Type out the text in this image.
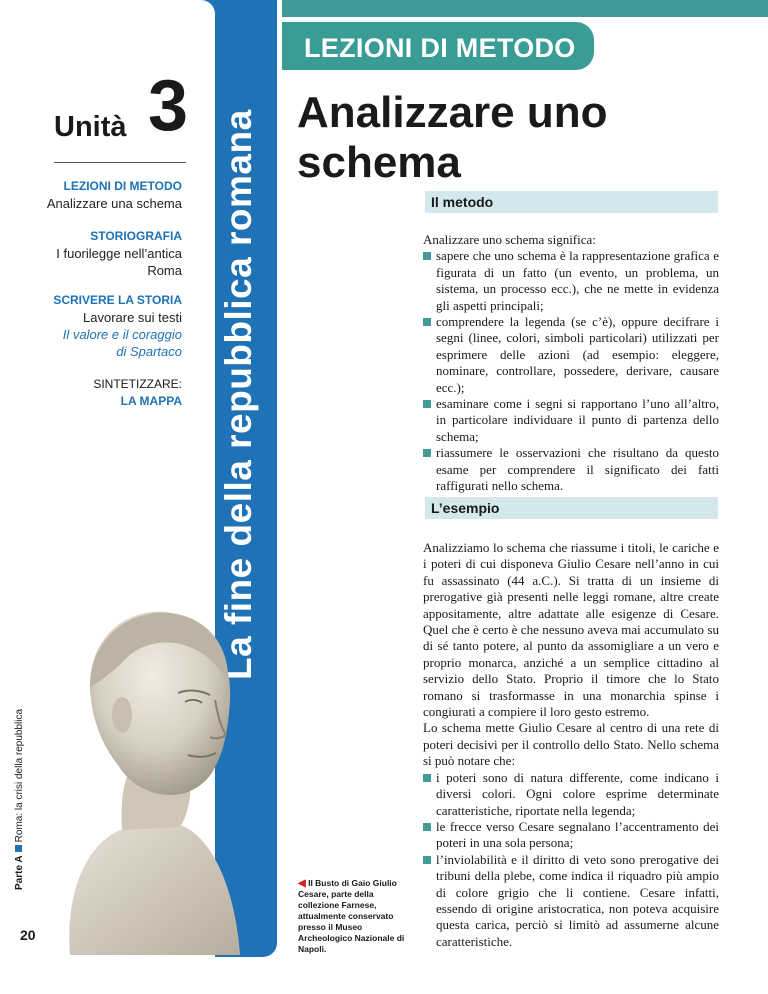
La fine della repubblica romana
Unità 3
LEZIONI DI METODO
Analizzare una schema
STORIOGRAFIA
I fuorilegge nell’antica
Roma
SCRIVERE LA STORIA
Lavorare sui testi
Il valore e il coraggio
di Spartaco
SINTETIZZARE:
LA MAPPA
Parte ARoma: la crisi della repubblica
20
◀ Il Busto di Gaio Giulio Cesare, parte della collezione Farnese, attualmente conservato presso il Museo Archeologico Nazionale di Napoli.
LEZIONI DI METODO
Analizzare uno schema
Il metodo
Analizzare uno schema significa:
sapere che uno schema è la rappresentazione grafica e figurata di un fatto (un evento, un problema, un sistema, un processo ecc.), che ne mette in evidenza gli aspetti principali;
comprendere la legenda (se c’è), oppure decifrare i segni (linee, colori, simboli particolari) utilizzati per esprimere delle azioni (ad esempio: eleggere, nominare, controllare, possedere, derivare, causare ecc.);
esaminare come i segni si rapportano l’uno all’altro, in particolare individuare il punto di partenza dello schema;
riassumere le osservazioni che risultano da questo esame per comprendere il significato dei fatti raffigurati nello schema.
L’esempio
Analizziamo lo schema che riassume i titoli, le cariche e i poteri di cui disponeva Giulio Cesare nell’anno in cui fu assassinato (44 a.C.). Si tratta di un insieme di prerogative già presenti nelle leggi romane, altre create appositamente, altre adattate alle esigenze di Cesare. Quel che è certo è che nessuno aveva mai accumulato su di sé tanto potere, al punto da assomigliare a un vero e proprio monarca, anziché a un semplice cittadino al servizio dello Stato. Proprio il timore che lo Stato romano si trasformasse in una monarchia spinse i congiurati a compiere il loro gesto estremo.
Lo schema mette Giulio Cesare al centro di una rete di poteri decisivi per il controllo dello Stato. Nello schema si può notare che:
i poteri sono di natura differente, come indicano i diversi colori. Ogni colore esprime determinate caratteristiche, riportate nella legenda;
le frecce verso Cesare segnalano l’accentramento dei poteri in una sola persona;
l’inviolabilità e il diritto di veto sono prerogative dei tribuni della plebe, come indica il riquadro più ampio di colore grigio che li contiene. Cesare infatti, essendo di origine aristocratica, non poteva acquisire questa carica, perciò si limitò ad assumerne alcune caratteristiche.
